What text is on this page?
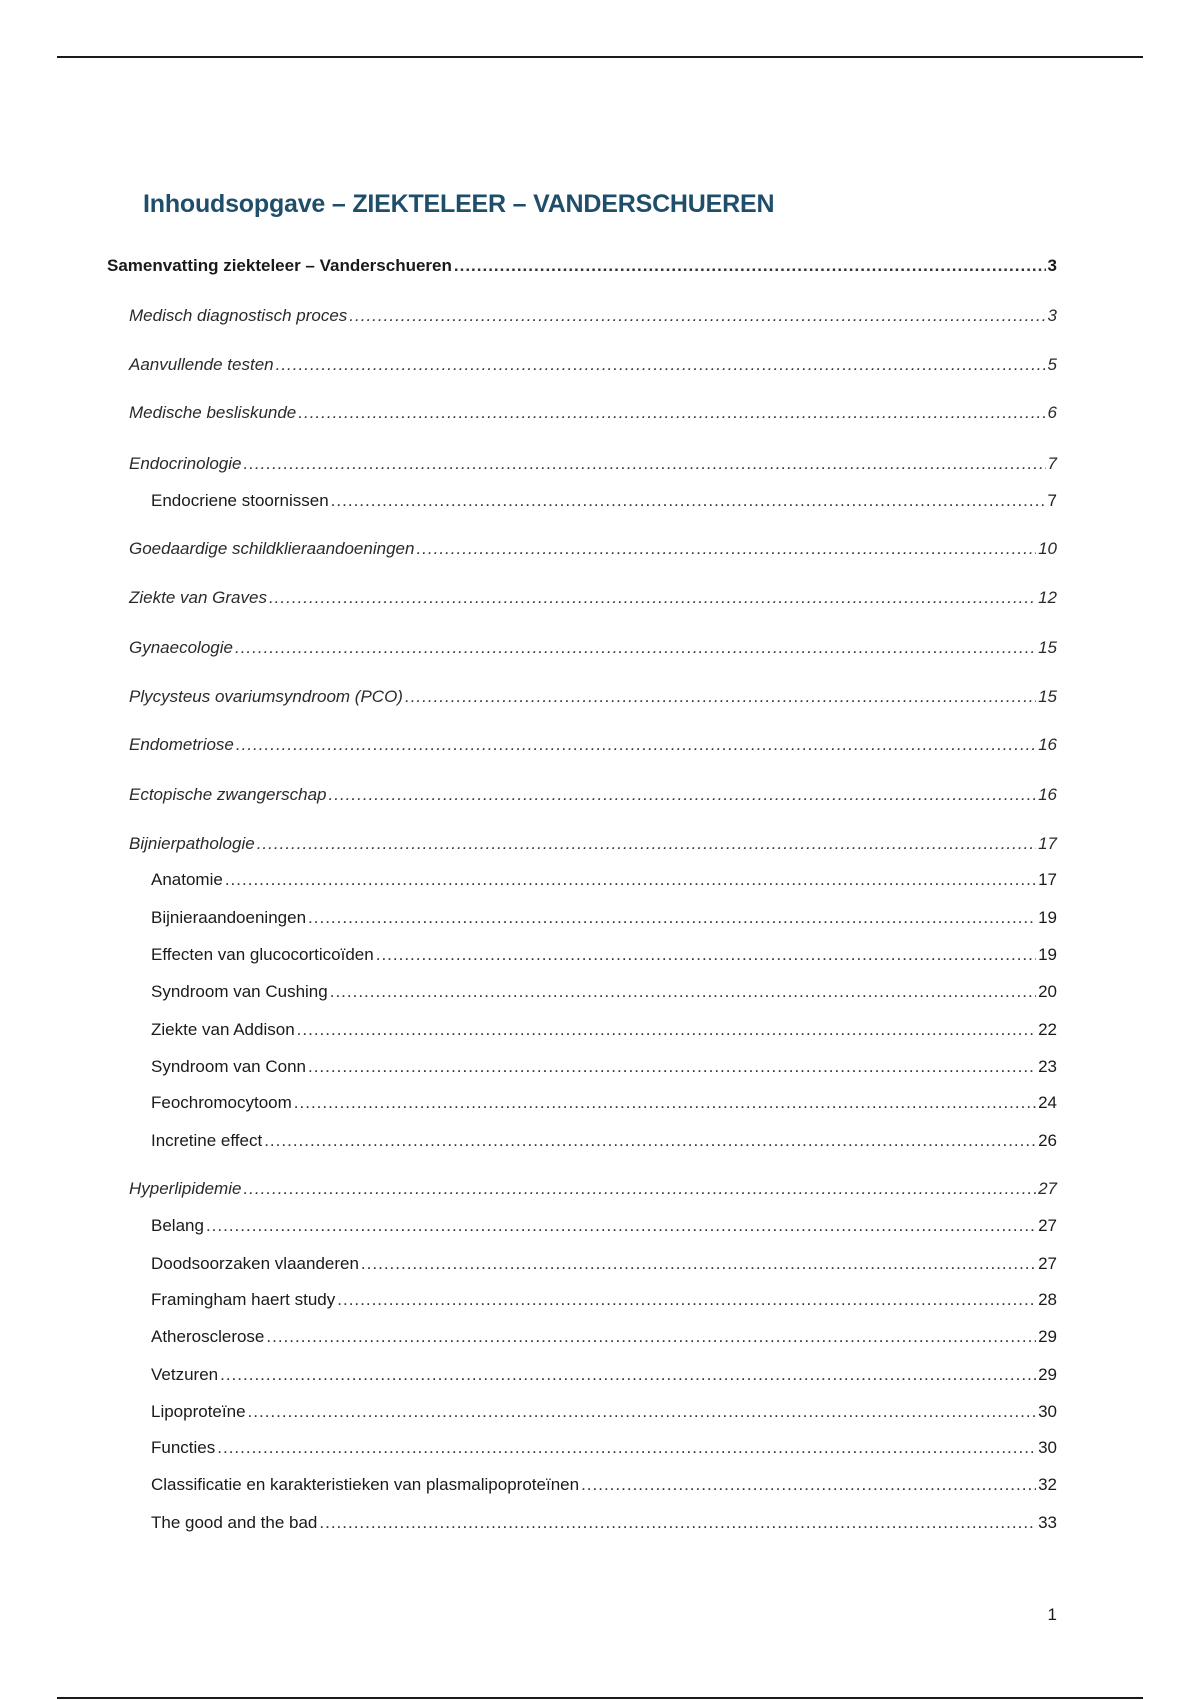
Inhoudsopgave – ZIEKTELEER – VANDERSCHUEREN
Samenvatting ziekteleer – Vanderschueren .....	3
Medisch diagnostisch proces .....	3
Aanvullende testen .....	5
Medische besliskunde .....	6
Endocrinologie .....	7
Endocriene stoornissen .....	7
Goedaardige schildklieraandoeningen .....	10
Ziekte van Graves .....	12
Gynaecologie .....	15
Plycysteus ovariumsyndroom (PCO) .....	15
Endometriose .....	16
Ectopische zwangerschap .....	16
Bijnierpathologie .....	17
Anatomie .....	17
Bijnieraandoeningen .....	19
Effecten van glucocorticoïden .....	19
Syndroom van Cushing .....	20
Ziekte van Addison .....	22
Syndroom van Conn .....	23
Feochromocytoom .....	24
Incretine effect .....	26
Hyperlipidemie .....	27
Belang .....	27
Doodsoorzaken vlaanderen .....	27
Framingham haert study .....	28
Atherosclerose .....	29
Vetzuren .....	29
Lipoproteïne .....	30
Functies .....	30
Classificatie en karakteristieken van plasmalipoproteïnen .....	32
The good and the bad .....	33
1
